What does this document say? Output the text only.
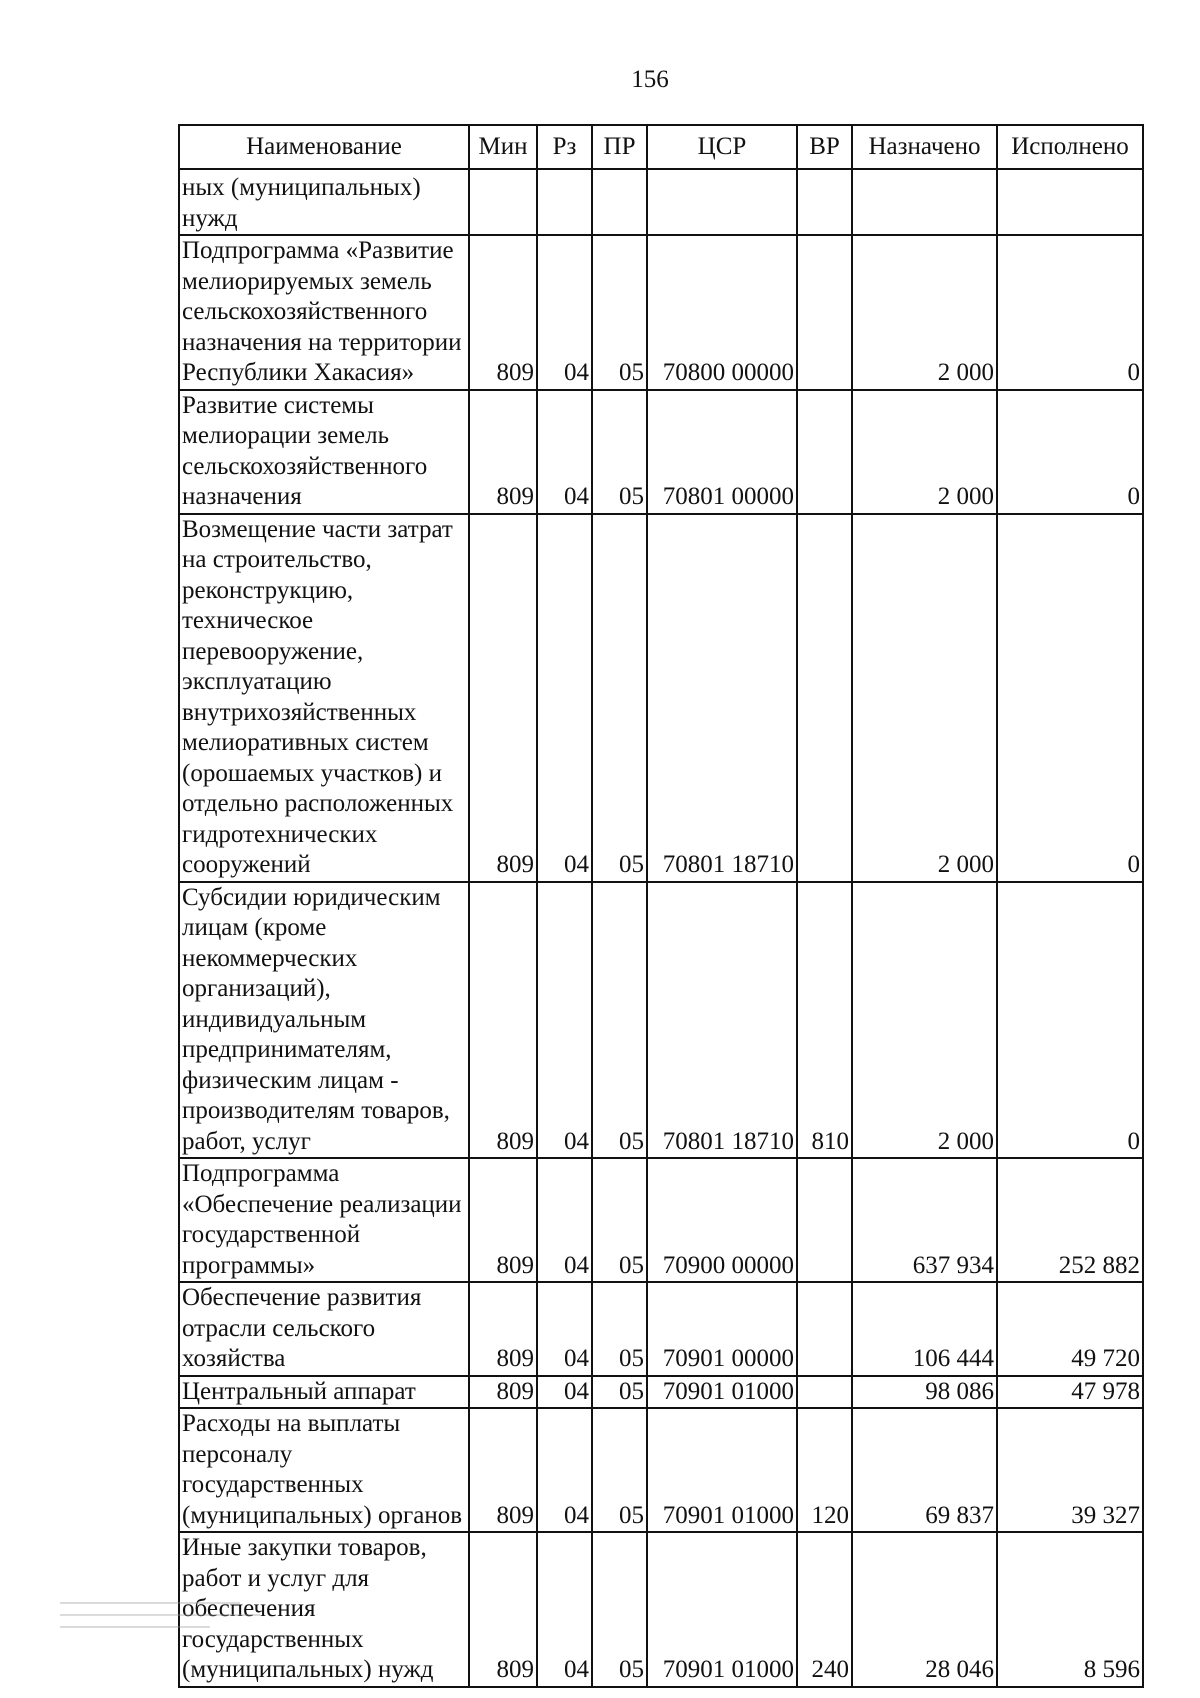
156
Наименование	Мин	Рз	ПР	ЦСР	ВР	Назначено	Исполнено
ных (муниципальных) нужд							
Подпрограмма «Развитие мелиорируемых земель сельскохозяйственного назначения на территории Республики Хакасия»	809	04	05	70800 00000		2 000	0
Развитие системы мелиорации земель сельскохозяйственного назначения	809	04	05	70801 00000		2 000	0
Возмещение части затрат на строительство, реконструкцию, техническое перевооружение, эксплуатацию внутрихозяйственных мелиоративных систем (орошаемых участков) и отдельно расположенных гидротехнических сооружений	809	04	05	70801 18710		2 000	0
Субсидии юридическим лицам (кроме некоммерческих организаций), индивидуальным предпринимателям, физическим лицам - производителям товаров, работ, услуг	809	04	05	70801 18710	810	2 000	0
Подпрограмма «Обеспечение реализации государственной программы»	809	04	05	70900 00000		637 934	252 882
Обеспечение развития отрасли сельского хозяйства	809	04	05	70901 00000		106 444	49 720
Центральный аппарат	809	04	05	70901 01000		98 086	47 978
Расходы на выплаты персоналу государственных (муниципальных) органов	809	04	05	70901 01000	120	69 837	39 327
Иные закупки товаров, работ и услуг для обеспечения государственных (муниципальных) нужд	809	04	05	70901 01000	240	28 046	8 596
